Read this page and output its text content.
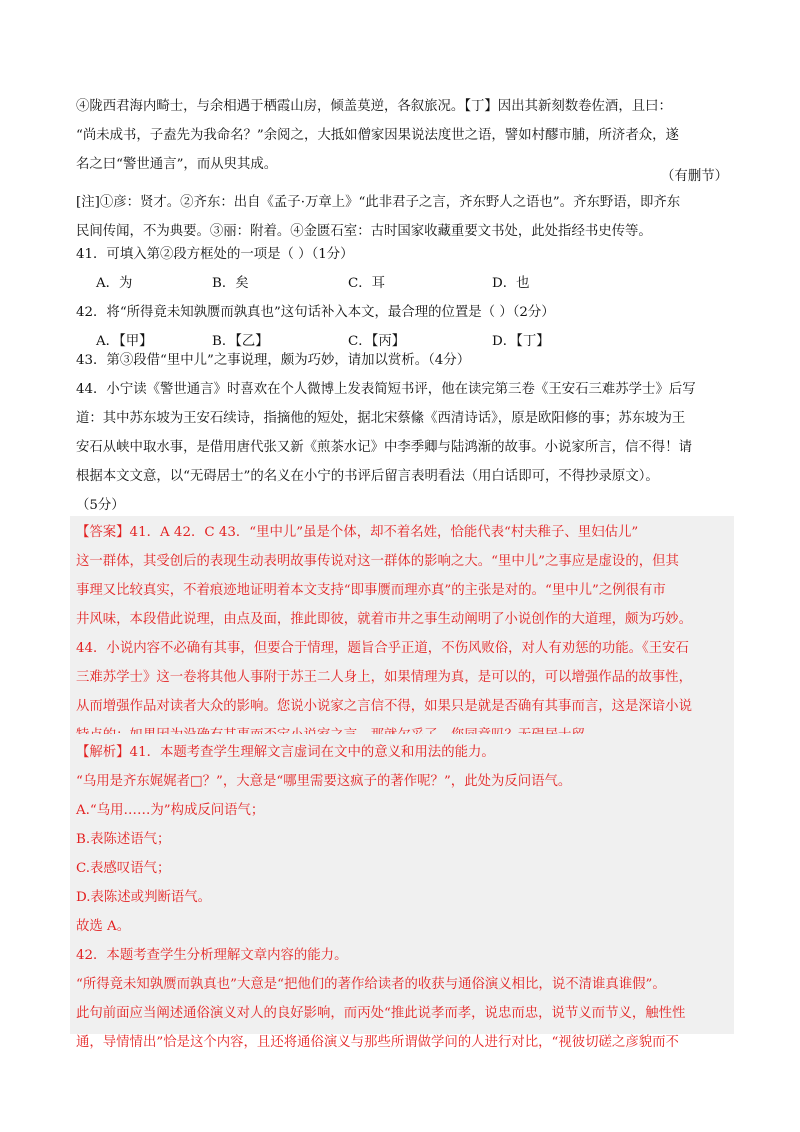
④陇西君海内畸士，与余相遇于栖霞山房，倾盖莫逆，各叙旅况。【丁】因出其新刻数卷佐酒，且曰：
“尚未成书，子盍先为我命名？”余阅之，大抵如僧家因果说法度世之语，譬如村醪市脯，所济者众，遂
名之曰“警世通言”，而从臾其成。
（有删节）
[注]①彦：贤才。②齐东：出自《孟子·万章上》“此非君子之言，齐东野人之语也”。齐东野语，即齐东
民间传闻，不为典要。③丽：附着。④金匮石室：古时国家收藏重要文书处，此处指经书史传等。
41．可填入第②段方框处的一项是（ ）（1分）
A．为	B．矣	C．耳	D．也
42．将“所得竟未知孰赝而孰真也”这句话补入本文，最合理的位置是（ ）（2分）
A．【甲】	B．【乙】	C．【丙】	D．【丁】
43．第③段借“里中儿”之事说理，颇为巧妙，请加以赏析。（4分）
44．小宁读《警世通言》时喜欢在个人微博上发表简短书评，他在读完第三卷《王安石三难苏学士》后写
道：其中苏东坡为王安石续诗，指摘他的短处，据北宋蔡絛《西清诗话》，原是欧阳修的事；苏东坡为王
安石从峡中取水事，是借用唐代张又新《煎茶水记》中李季卿与陆鸿渐的故事。小说家所言，信不得！请
根据本文文意，以“无碍居士”的名义在小宁的书评后留言表明看法（用白话即可，不得抄录原文）。
（5分）
【答案】41．A 42．C 43．“里中儿”虽是个体，却不着名姓，恰能代表“村夫稚子、里妇估儿”
这一群体，其受创后的表现生动表明故事传说对这一群体的影响之大。“里中儿”之事应是虚设的，但其
事理又比较真实，不着痕迹地证明着本文支持“即事赝而理亦真”的主张是对的。“里中儿”之例很有市
井风味，本段借此说理，由点及面，推此即彼，就着市井之事生动阐明了小说创作的大道理，颇为巧妙。
44．小说内容不必确有其事，但要合于情理，题旨合乎正道，不伤风败俗，对人有劝惩的功能。《王安石
三难苏学士》这一卷将其他人事附于苏王二人身上，如果情理为真，是可以的，可以增强作品的故事性，
从而增强作品对读者大众的影响。您说小说家之言信不得，如果只是就是否确有其事而言，这是深谙小说
【解析】41．本题考查学生理解文言虚词在文中的意义和用法的能力。
“乌用是齐东娓娓者□？”，大意是“哪里需要这疯子的著作呢？”，此处为反问语气。
A.“乌用……为”构成反问语气；
B.表陈述语气；
C.表感叹语气；
D.表陈述或判断语气。
故选 A。
42．本题考查学生分析理解文章内容的能力。
“所得竟未知孰赝而孰真也”大意是“把他们的著作给读者的收获与通俗演义相比，说不清谁真谁假”。
此句前面应当阐述通俗演义对人的良好影响，而丙处“推此说孝而孝，说忠而忠，说节义而节义，触性性
通，导情情出”恰是这个内容，且还将通俗演义与那些所谓做学问的人进行对比，“视彼切磋之彦貌而不
